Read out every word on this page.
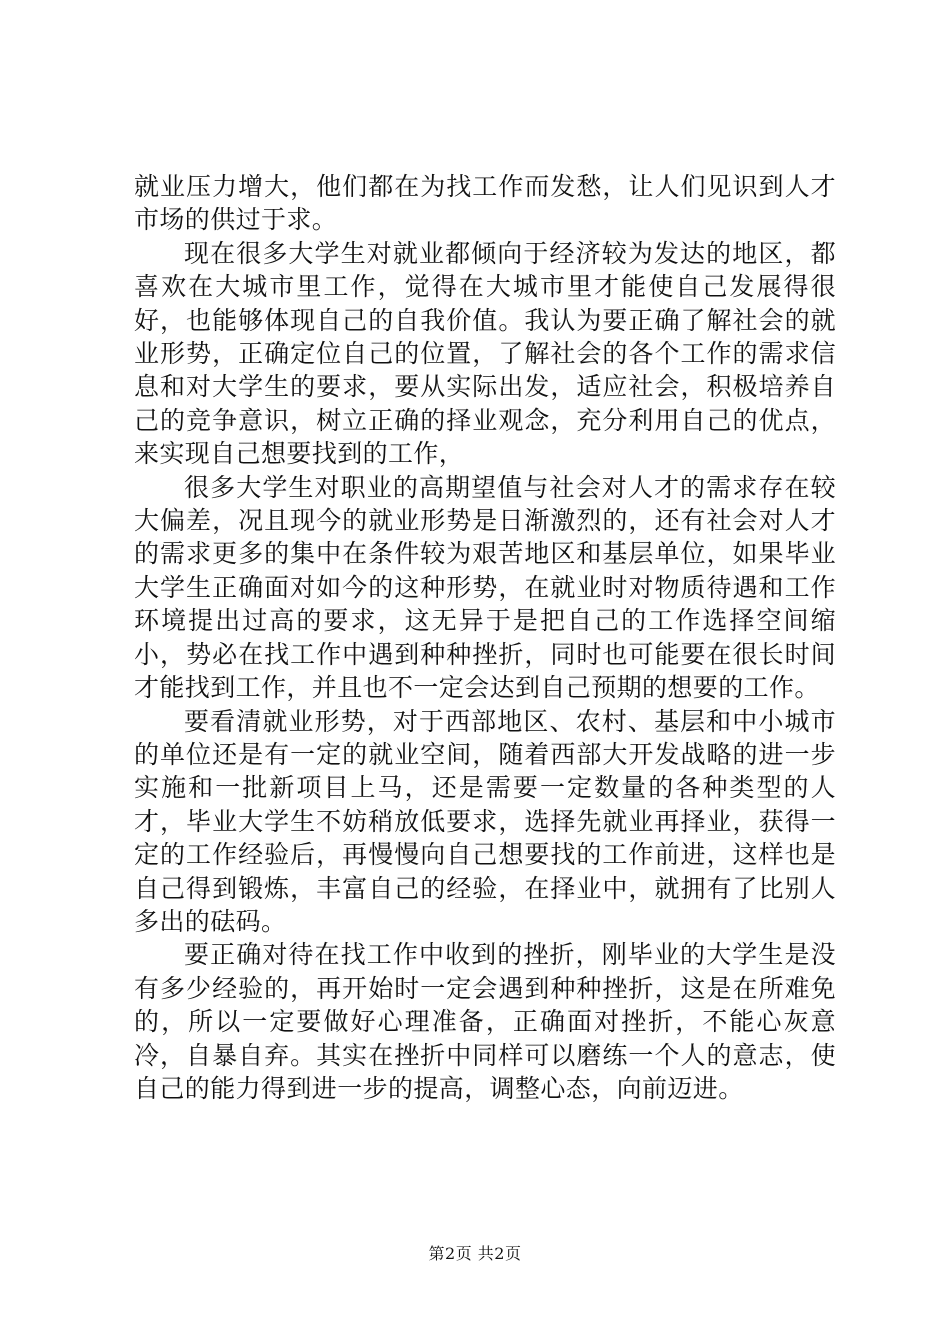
就业压力增大，他们都在为找工作而发愁，让人们见识到人才市场的供过于求。

现在很多大学生对就业都倾向于经济较为发达的地区，都喜欢在大城市里工作，觉得在大城市里才能使自己发展得很好，也能够体现自己的自我价值。我认为要正确了解社会的就业形势，正确定位自己的位置，了解社会的各个工作的需求信息和对大学生的要求，要从实际出发，适应社会，积极培养自己的竞争意识，树立正确的择业观念，充分利用自己的优点，来实现自己想要找到的工作，

很多大学生对职业的高期望值与社会对人才的需求存在较大偏差，况且现今的就业形势是日渐激烈的，还有社会对人才的需求更多的集中在条件较为艰苦地区和基层单位，如果毕业大学生正确面对如今的这种形势，在就业时对物质待遇和工作环境提出过高的要求，这无异于是把自己的工作选择空间缩小，势必在找工作中遇到种种挫折，同时也可能要在很长时间才能找到工作，并且也不一定会达到自己预期的想要的工作。

要看清就业形势，对于西部地区、农村、基层和中小城市的单位还是有一定的就业空间，随着西部大开发战略的进一步实施和一批新项目上马，还是需要一定数量的各种类型的人才，毕业大学生不妨稍放低要求，选择先就业再择业，获得一定的工作经验后，再慢慢向自己想要找的工作前进，这样也是自己得到锻炼，丰富自己的经验，在择业中，就拥有了比别人多出的砝码。

要正确对待在找工作中收到的挫折，刚毕业的大学生是没有多少经验的，再开始时一定会遇到种种挫折，这是在所难免的，所以一定要做好心理准备，正确面对挫折，不能心灰意冷，自暴自弃。其实在挫折中同样可以磨练一个人的意志，使自己的能力得到进一步的提高，调整心态，向前迈进。

第2页 共2页
